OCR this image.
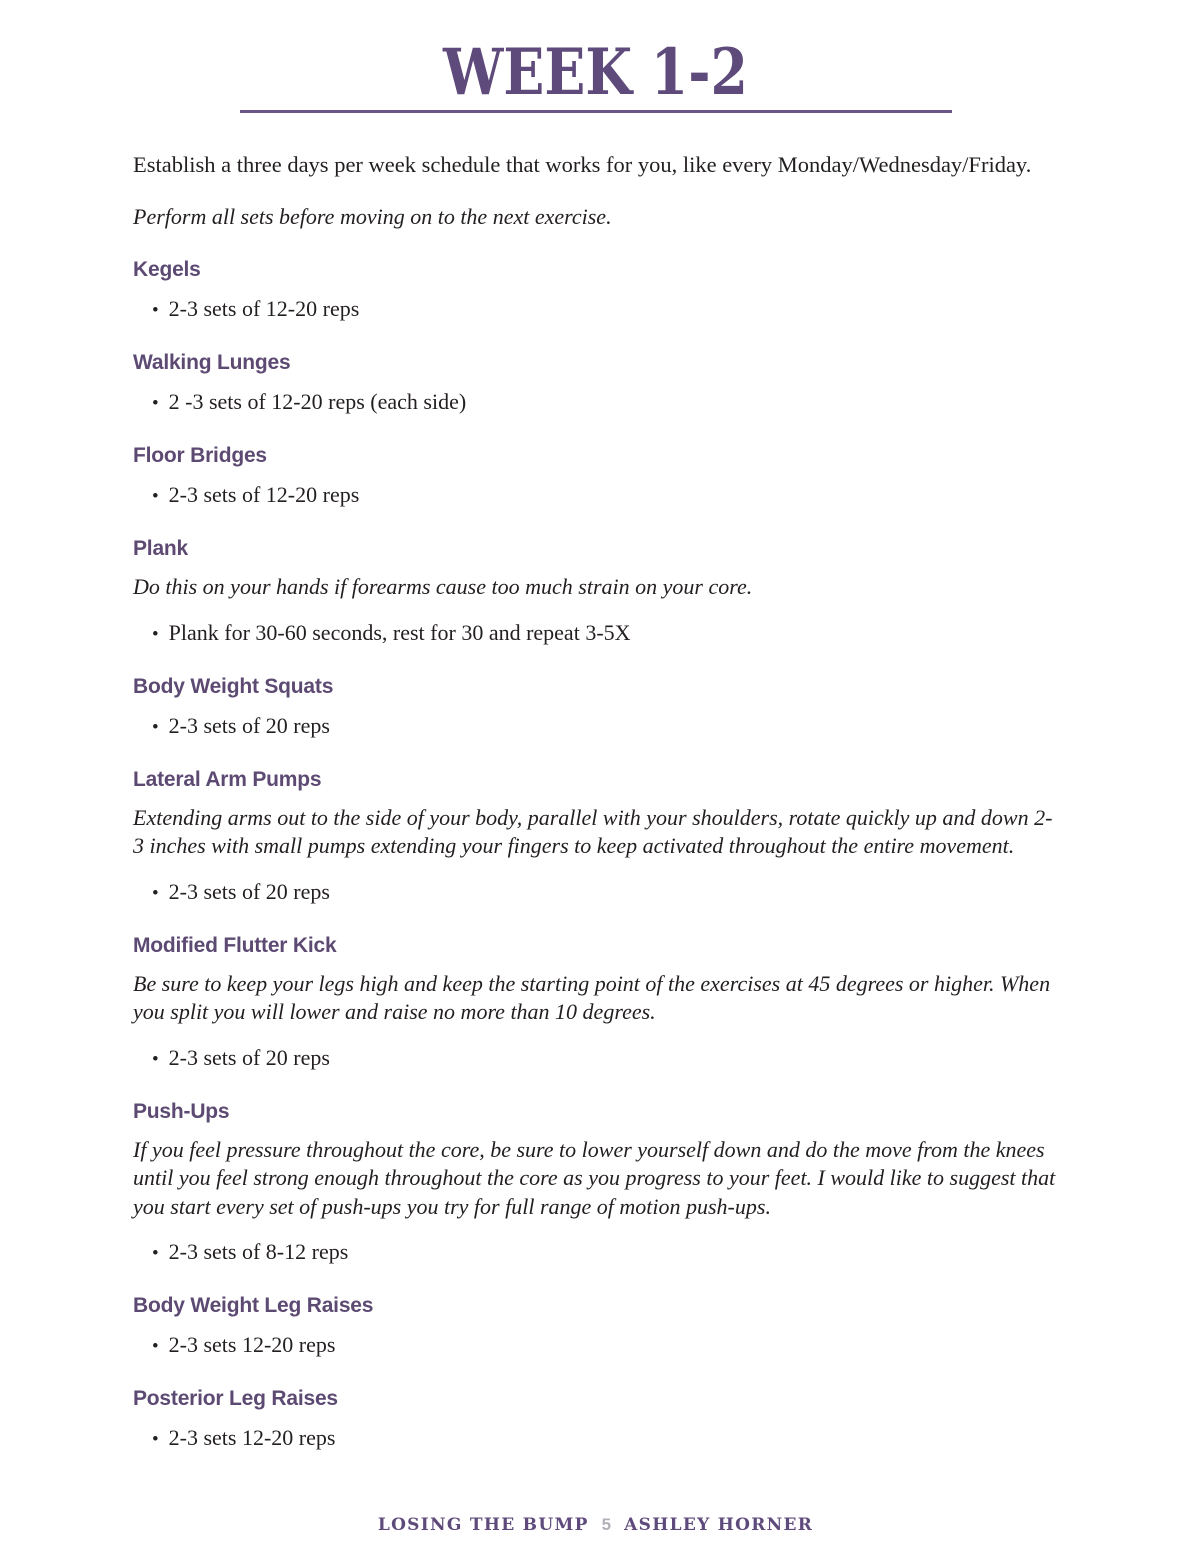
WEEK 1-2

Establish a three days per week schedule that works for you, like every Monday/Wednesday/Friday.

Perform all sets before moving on to the next exercise.

Kegels
•
2-3 sets of 12-20 reps
Walking Lunges
•
2 -3 sets of 12-20 reps (each side)
Floor Bridges
•
2-3 sets of 12-20 reps
Plank

Do this on your hands if forearms cause too much strain on your core.

•
Plank for 30-60 seconds, rest for 30 and repeat 3-5X
Body Weight Squats
•
2-3 sets of 20 reps
Lateral Arm Pumps

Extending arms out to the side of your body, parallel with your shoulders, rotate quickly up and down 2-3 inches with small pumps extending your fingers to keep activated throughout the entire movement.

•
2-3 sets of 20 reps
Modified Flutter Kick

Be sure to keep your legs high and keep the starting point of the exercises at 45 degrees or higher. When you split you will lower and raise no more than 10 degrees.

•
2-3 sets of 20 reps
Push-Ups

If you feel pressure throughout the core, be sure to lower yourself down and do the move from the knees until you feel strong enough throughout the core as you progress to your feet. I would like to suggest that you start every set of push-ups you try for full range of motion push-ups.

•
2-3 sets of 8-12 reps
Body Weight Leg Raises
•
2-3 sets 12-20 reps
Posterior Leg Raises
•
2-3 sets 12-20 reps
LOSING THE BUMP 5 ASHLEY HORNER
